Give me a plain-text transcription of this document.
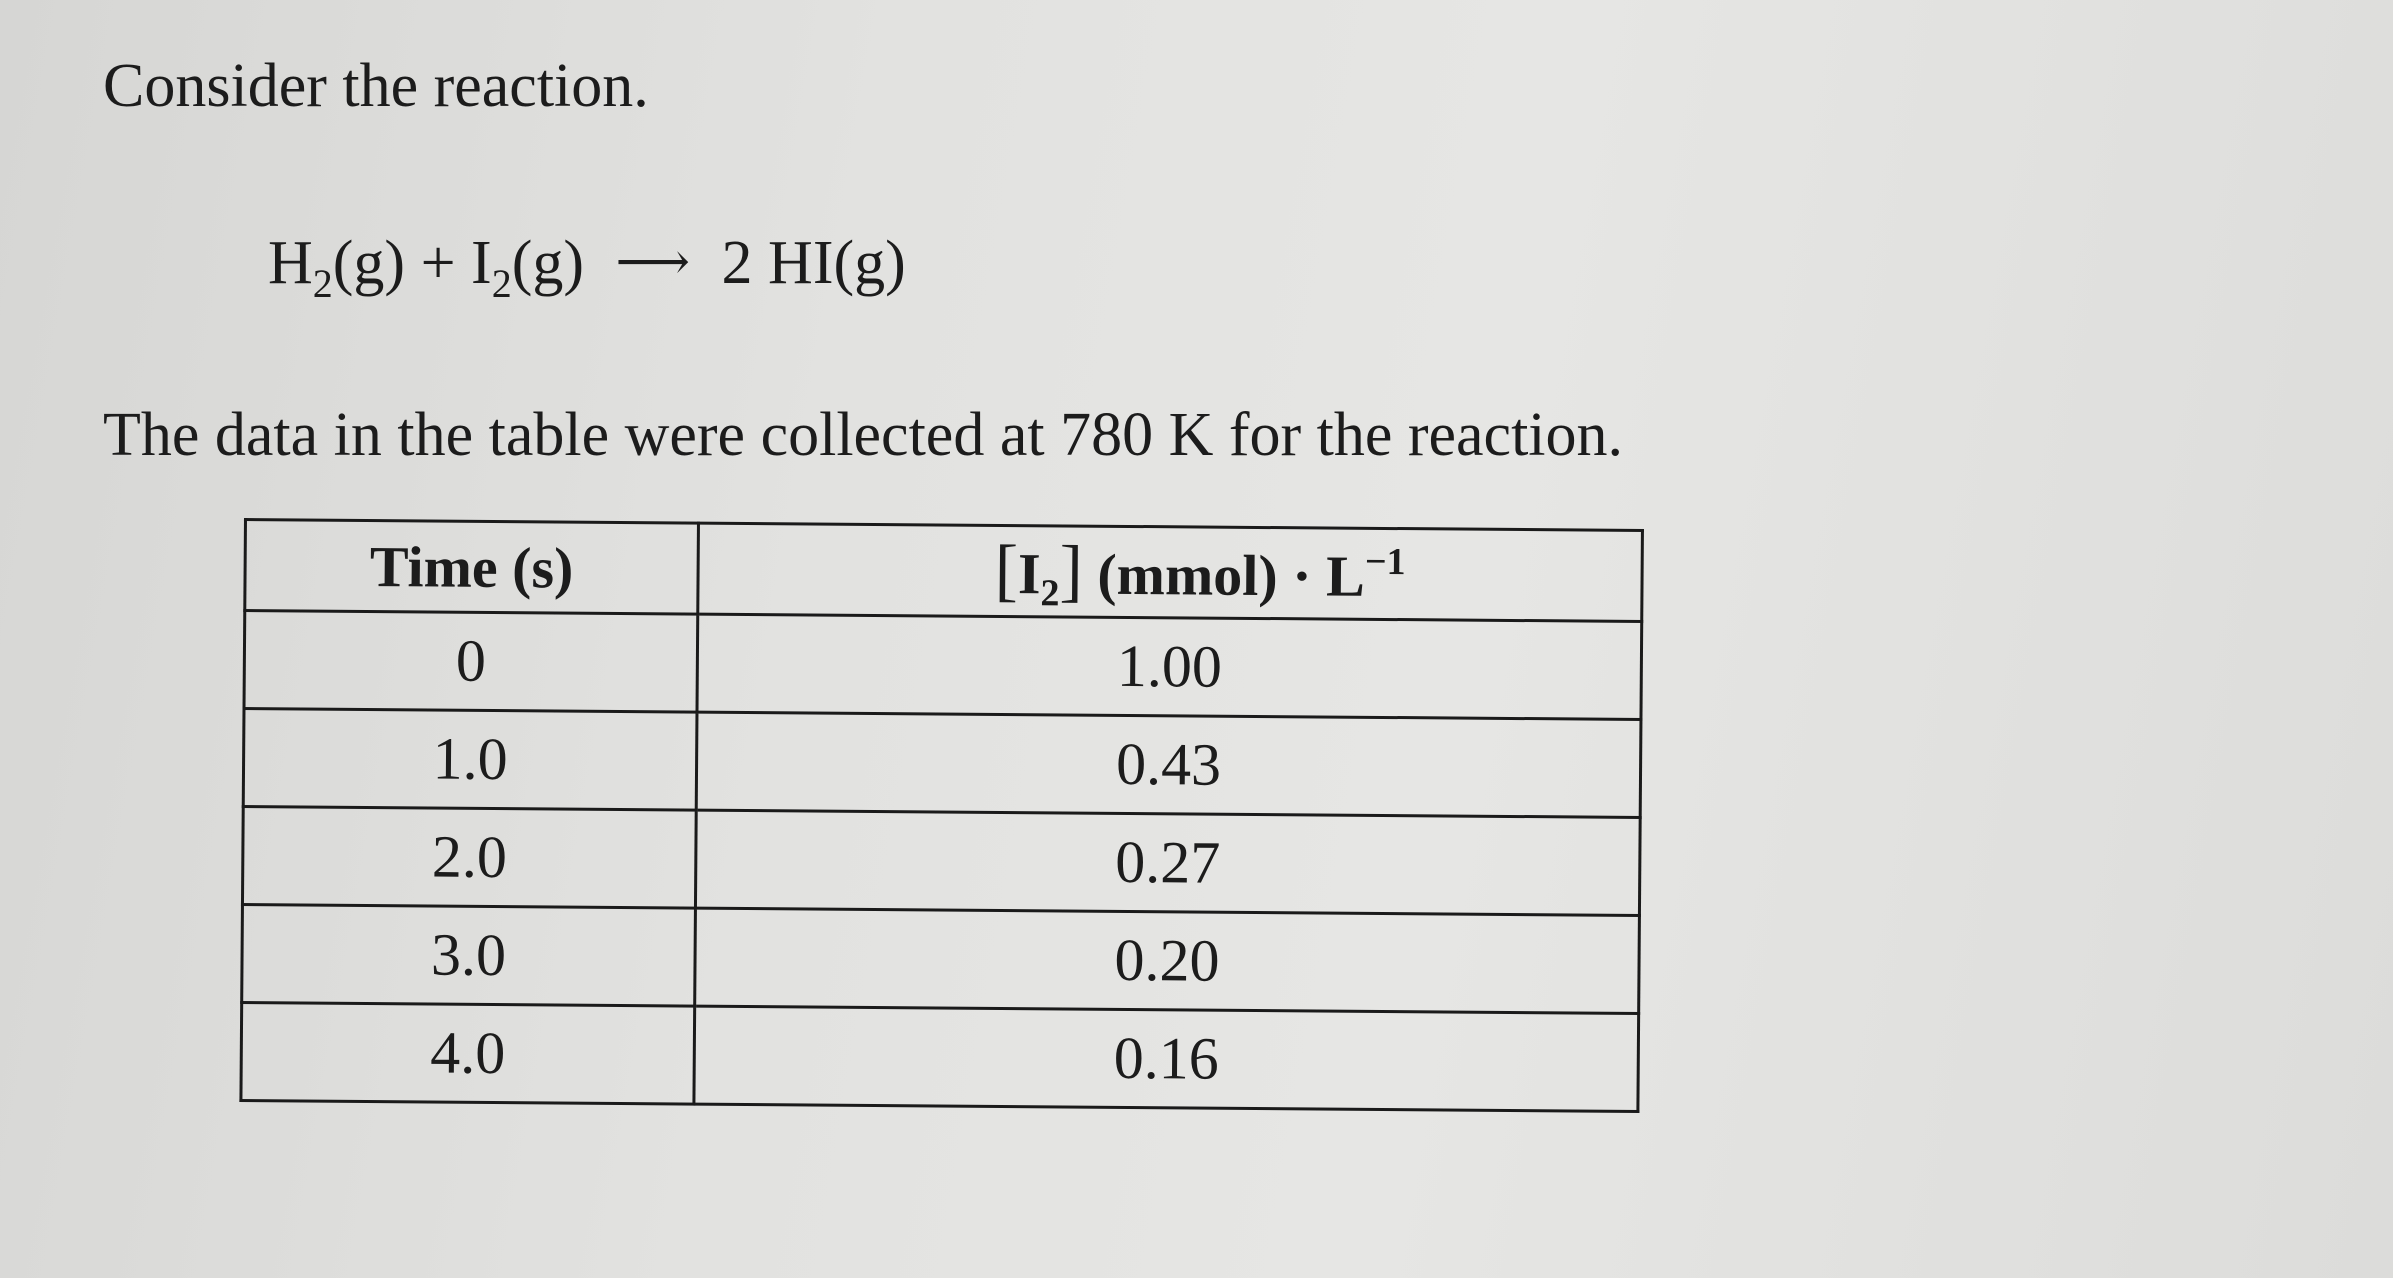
Consider the reaction.
$H_2(g) + I_2(g)$ ⟶ 2 HI(g)
The data in the table were collected at 780 K for the reaction.
Time (s)	$[I_2]$ (mmol) · $L^{-1}$
0	1.00
1.0	0.43
2.0	0.27
3.0	0.20
4.0	0.16
